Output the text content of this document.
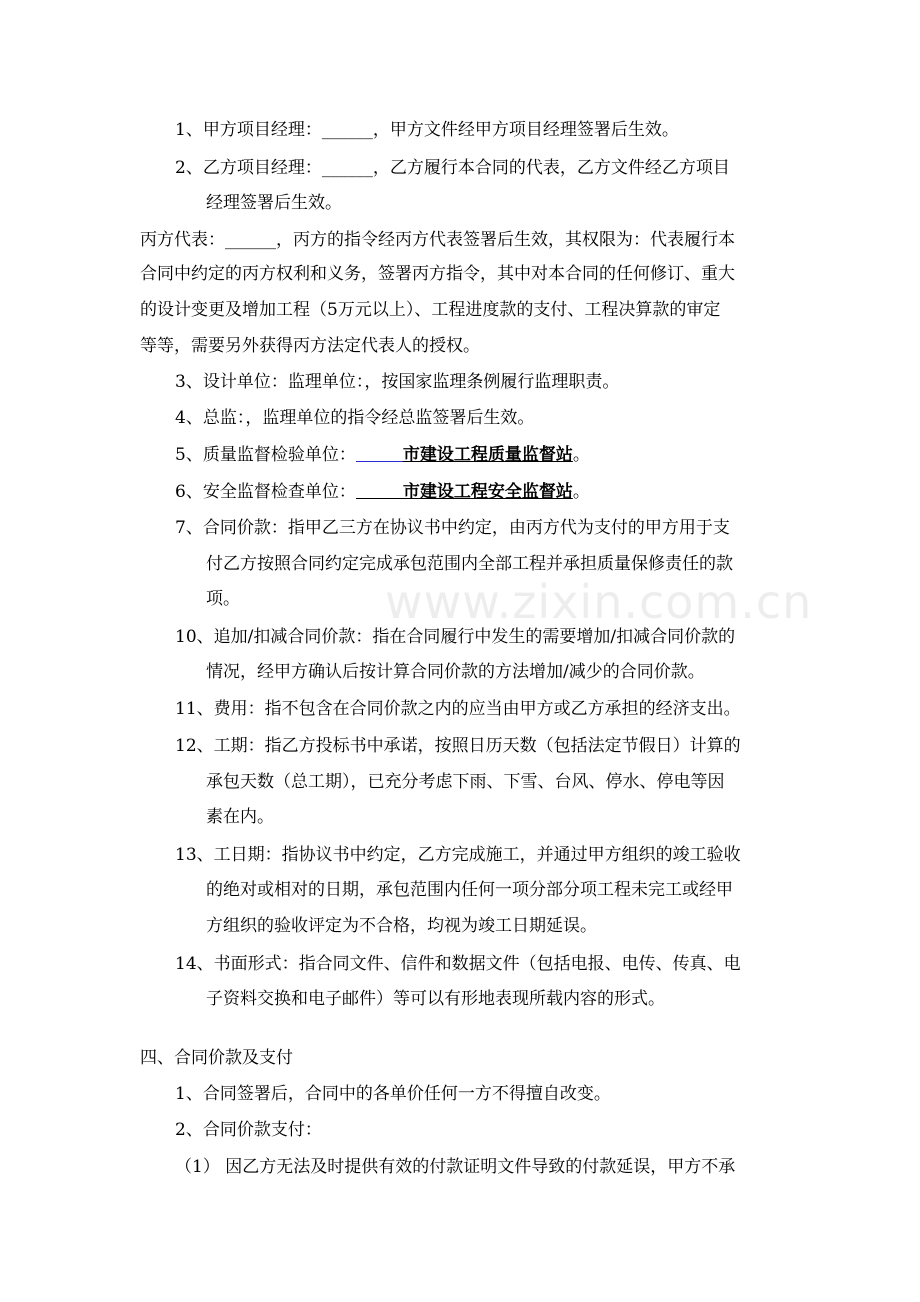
www.zixin.com.cn
1、甲方项目经理：______，甲方文件经甲方项目经理签署后生效。
2、乙方项目经理：______，乙方履行本合同的代表，乙方文件经乙方项目
经理签署后生效。
丙方代表：______，丙方的指令经丙方代表签署后生效，其权限为：代表履行本
合同中约定的丙方权利和义务，签署丙方指令，其中对本合同的任何修订、重大
的设计变更及增加工程（5万元以上）、工程进度款的支付、工程决算款的审定
等等，需要另外获得丙方法定代表人的授权。
3、设计单位：监理单位：，按国家监理条例履行监理职责。
4、总监：，监理单位的指令经总监签署后生效。
5、质量监督检验单位：	市建设工程质量监督站。
6、安全监督检查单位：	市建设工程安全监督站。
7、合同价款：指甲乙三方在协议书中约定，由丙方代为支付的甲方用于支
付乙方按照合同约定完成承包范围内全部工程并承担质量保修责任的款
项。
10、追加/扣减合同价款：指在合同履行中发生的需要增加/扣减合同价款的
情况，经甲方确认后按计算合同价款的方法增加/减少的合同价款。
11、费用：指不包含在合同价款之内的应当由甲方或乙方承担的经济支出。
12、工期：指乙方投标书中承诺，按照日历天数（包括法定节假日）计算的
承包天数（总工期），已充分考虑下雨、下雪、台风、停水、停电等因
素在内。
13、工日期：指协议书中约定，乙方完成施工，并通过甲方组织的竣工验收
的绝对或相对的日期，承包范围内任何一项分部分项工程未完工或经甲
方组织的验收评定为不合格，均视为竣工日期延误。
14、书面形式：指合同文件、信件和数据文件（包括电报、电传、传真、电
子资料交换和电子邮件）等可以有形地表现所载内容的形式。
四、合同价款及支付
1、合同签署后，合同中的各单价任何一方不得擅自改变。
2、合同价款支付：
（1） 因乙方无法及时提供有效的付款证明文件导致的付款延误，甲方不承
